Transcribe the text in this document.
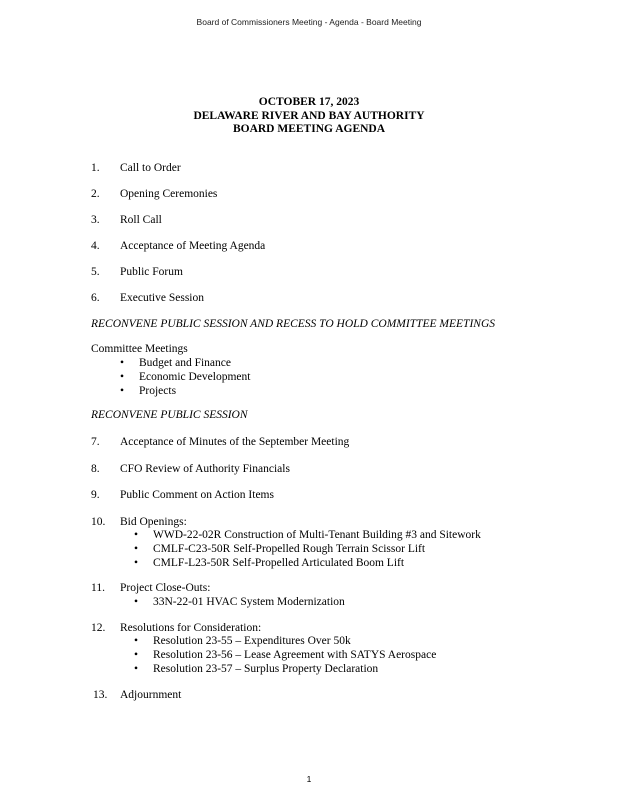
Board of Commissioners Meeting - Agenda - Board Meeting
OCTOBER 17, 2023
DELAWARE RIVER AND BAY AUTHORITY
BOARD MEETING AGENDA
1. Call to Order
2. Opening Ceremonies
3. Roll Call
4. Acceptance of Meeting Agenda
5. Public Forum
6. Executive Session
RECONVENE PUBLIC SESSION AND RECESS TO HOLD COMMITTEE MEETINGS
Committee Meetings
• Budget and Finance
• Economic Development
• Projects
RECONVENE PUBLIC SESSION
7. Acceptance of Minutes of the September Meeting
8. CFO Review of Authority Financials
9. Public Comment on Action Items
10. Bid Openings:
• WWD-22-02R Construction of Multi-Tenant Building #3 and Sitework
• CMLF-C23-50R Self-Propelled Rough Terrain Scissor Lift
• CMLF-L23-50R Self-Propelled Articulated Boom Lift
11. Project Close-Outs:
• 33N-22-01 HVAC System Modernization
12. Resolutions for Consideration:
• Resolution 23-55 – Expenditures Over 50k
• Resolution 23-56 – Lease Agreement with SATYS Aerospace
• Resolution 23-57 – Surplus Property Declaration
13. Adjournment
1
